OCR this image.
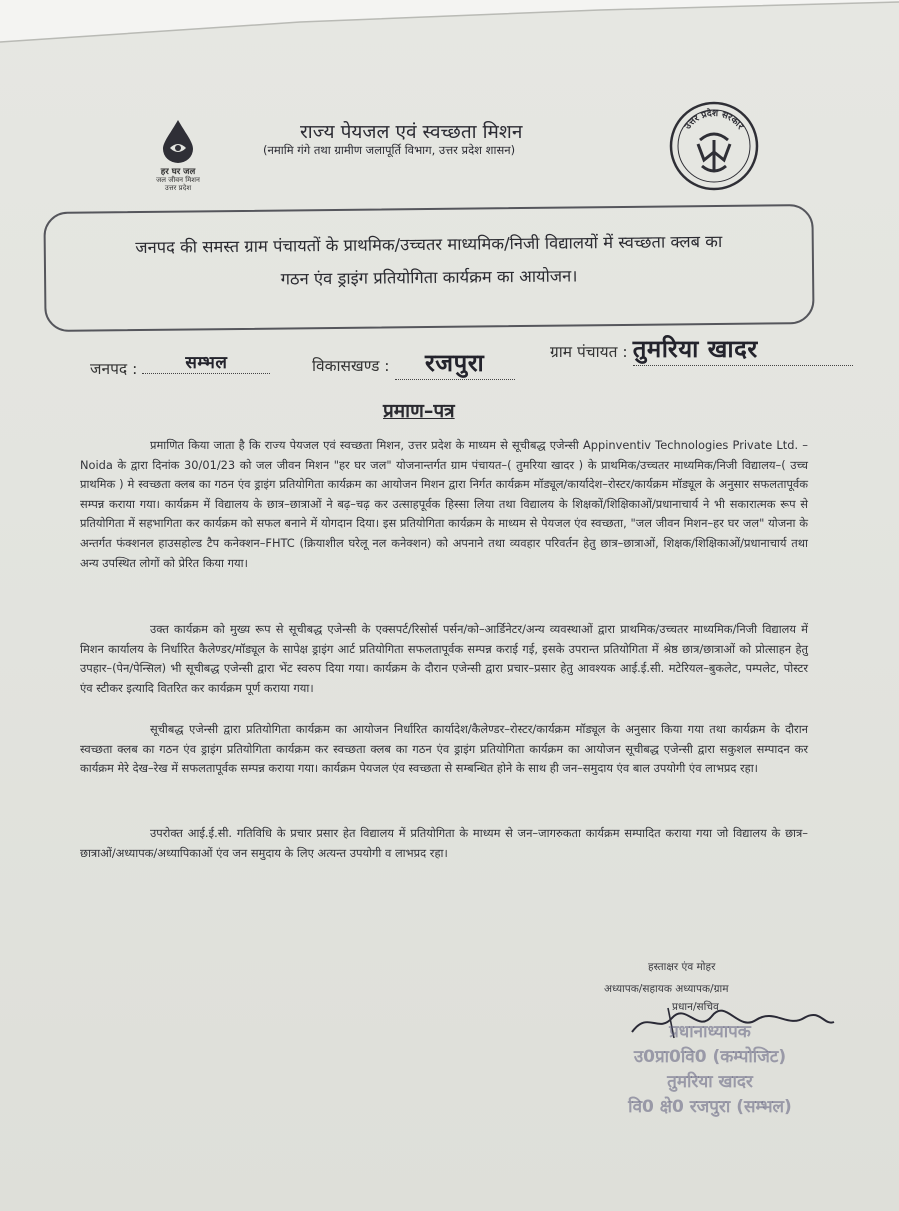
हर घर जल
जल जीवन मिशन
उत्तर प्रदेश
राज्य पेयजल एवं स्वच्छता मिशन
(नमामि गंगे तथा ग्रामीण जलापूर्ति विभाग, उत्तर प्रदेश शासन)
उत्तर प्रदेश सरकार
जनपद की समस्त ग्राम पंचायतों के प्राथमिक/उच्चतर माध्यमिक/निजी विद्यालयों में स्वच्छता क्लब का
गठन एंव ड्राइंग प्रतियोगिता कार्यक्रम का आयोजन।
जनपद :	सम्भल	विकासखण्ड : रजपुरा	ग्राम पंचायत : तुमरिया खादर
प्रमाण–पत्र
प्रमाणित किया जाता है कि राज्य पेयजल एवं स्वच्छता मिशन, उत्तर प्रदेश के माध्यम से सूचीबद्ध एजेन्सी Appinventiv Technologies Private Ltd. – Noida के द्वारा दिनांक 30/01/23 को जल जीवन मिशन "हर घर जल" योजनान्तर्गत ग्राम पंचायत–( तुमरिया खादर ) के प्राथमिक/उच्चतर माध्यमिक/निजी विद्यालय–( उच्च प्राथमिक ) मे स्वच्छता क्लब का गठन एंव ड्राइंग प्रतियोगिता कार्यक्रम का आयोजन मिशन द्वारा निर्गत कार्यक्रम मॉड्यूल/कार्यादेश–रोस्टर/कार्यक्रम मॉड्यूल के अनुसार सफलतापूर्वक सम्पन्न कराया गया। कार्यक्रम में विद्यालय के छात्र–छात्राओं ने बढ़–चढ़ कर उत्साहपूर्वक हिस्सा लिया तथा विद्यालय के शिक्षकों/शिक्षिकाओं/प्रधानाचार्य ने भी सकारात्मक रूप से प्रतियोगिता में सहभागिता कर कार्यक्रम को सफल बनाने में योगदान दिया। इस प्रतियोगिता कार्यक्रम के माध्यम से पेयजल एंव स्वच्छता, "जल जीवन मिशन–हर घर जल" योजना के अन्तर्गत फंक्शनल हाउसहोल्ड टैप कनेक्शन–FHTC (क्रियाशील घरेलू नल कनेक्शन) को अपनाने तथा व्यवहार परिवर्तन हेतु छात्र–छात्राओं, शिक्षक/शिक्षिकाओं/प्रधानाचार्य तथा अन्य उपस्थित लोगों को प्रेरित किया गया।
उक्त कार्यक्रम को मुख्य रूप से सूचीबद्ध एजेन्सी के एक्सपर्ट/रिसोर्स पर्सन/को–आर्डिनेटर/अन्य व्यवस्थाओं द्वारा प्राथमिक/उच्चतर माध्यमिक/निजी विद्यालय में मिशन कार्यालय के निर्धारित कैलेण्डर/मॉड्यूल के सापेक्ष ड्राइंग आर्ट प्रतियोगिता सफलतापूर्वक सम्पन्न कराई गई, इसके उपरान्त प्रतियोगिता में श्रेष्ठ छात्र/छात्राओं को प्रोत्साहन हेतु उपहार–(पेन/पेन्सिल) भी सूचीबद्ध एजेन्सी द्वारा भेंट स्वरुप दिया गया। कार्यक्रम के दौरान एजेन्सी द्वारा प्रचार–प्रसार हेतु आवश्यक आई.ई.सी. मटेरियल–बुकलेट, पम्पलेट, पोस्टर एंव स्टीकर इत्यादि वितरित कर कार्यक्रम पूर्ण कराया गया।
सूचीबद्ध एजेन्सी द्वारा प्रतियोगिता कार्यक्रम का आयोजन निर्धारित कार्यादेश/कैलेण्डर–रोस्टर/कार्यक्रम मॉड्यूल के अनुसार किया गया तथा कार्यक्रम के दौरान स्वच्छता क्लब का गठन एंव ड्राइंग प्रतियोगिता कार्यक्रम कर स्वच्छता क्लब का गठन एंव ड्राइंग प्रतियोगिता कार्यक्रम का आयोजन सूचीबद्ध एजेन्सी द्वारा सकुशल सम्पादन कर कार्यक्रम मेरे देख–रेख में सफलतापूर्वक सम्पन्न कराया गया। कार्यक्रम पेयजल एंव स्वच्छता से सम्बन्धित होने के साथ ही जन–समुदाय एंव बाल उपयोगी एंव लाभप्रद रहा।
उपरोक्त आई.ई.सी. गतिविधि के प्रचार प्रसार हेत विद्यालय में प्रतियोगिता के माध्यम से जन–जागरुकता कार्यक्रम सम्पादित कराया गया जो विद्यालय के छात्र–छात्राओं/अध्यापक/अध्यापिकाओं एंव जन समुदाय के लिए अत्यन्त उपयोगी व लाभप्रद रहा।
हस्ताक्षर एंव मोहर
अध्यापक/सहायक अध्यापक/ग्राम
प्रधान/सचिव
प्रधानाध्यापक
उ0प्रा0वि0 (कम्पोजिट)
तुमरिया खादर
वि0 क्षे0 रजपुरा (सम्भल)
